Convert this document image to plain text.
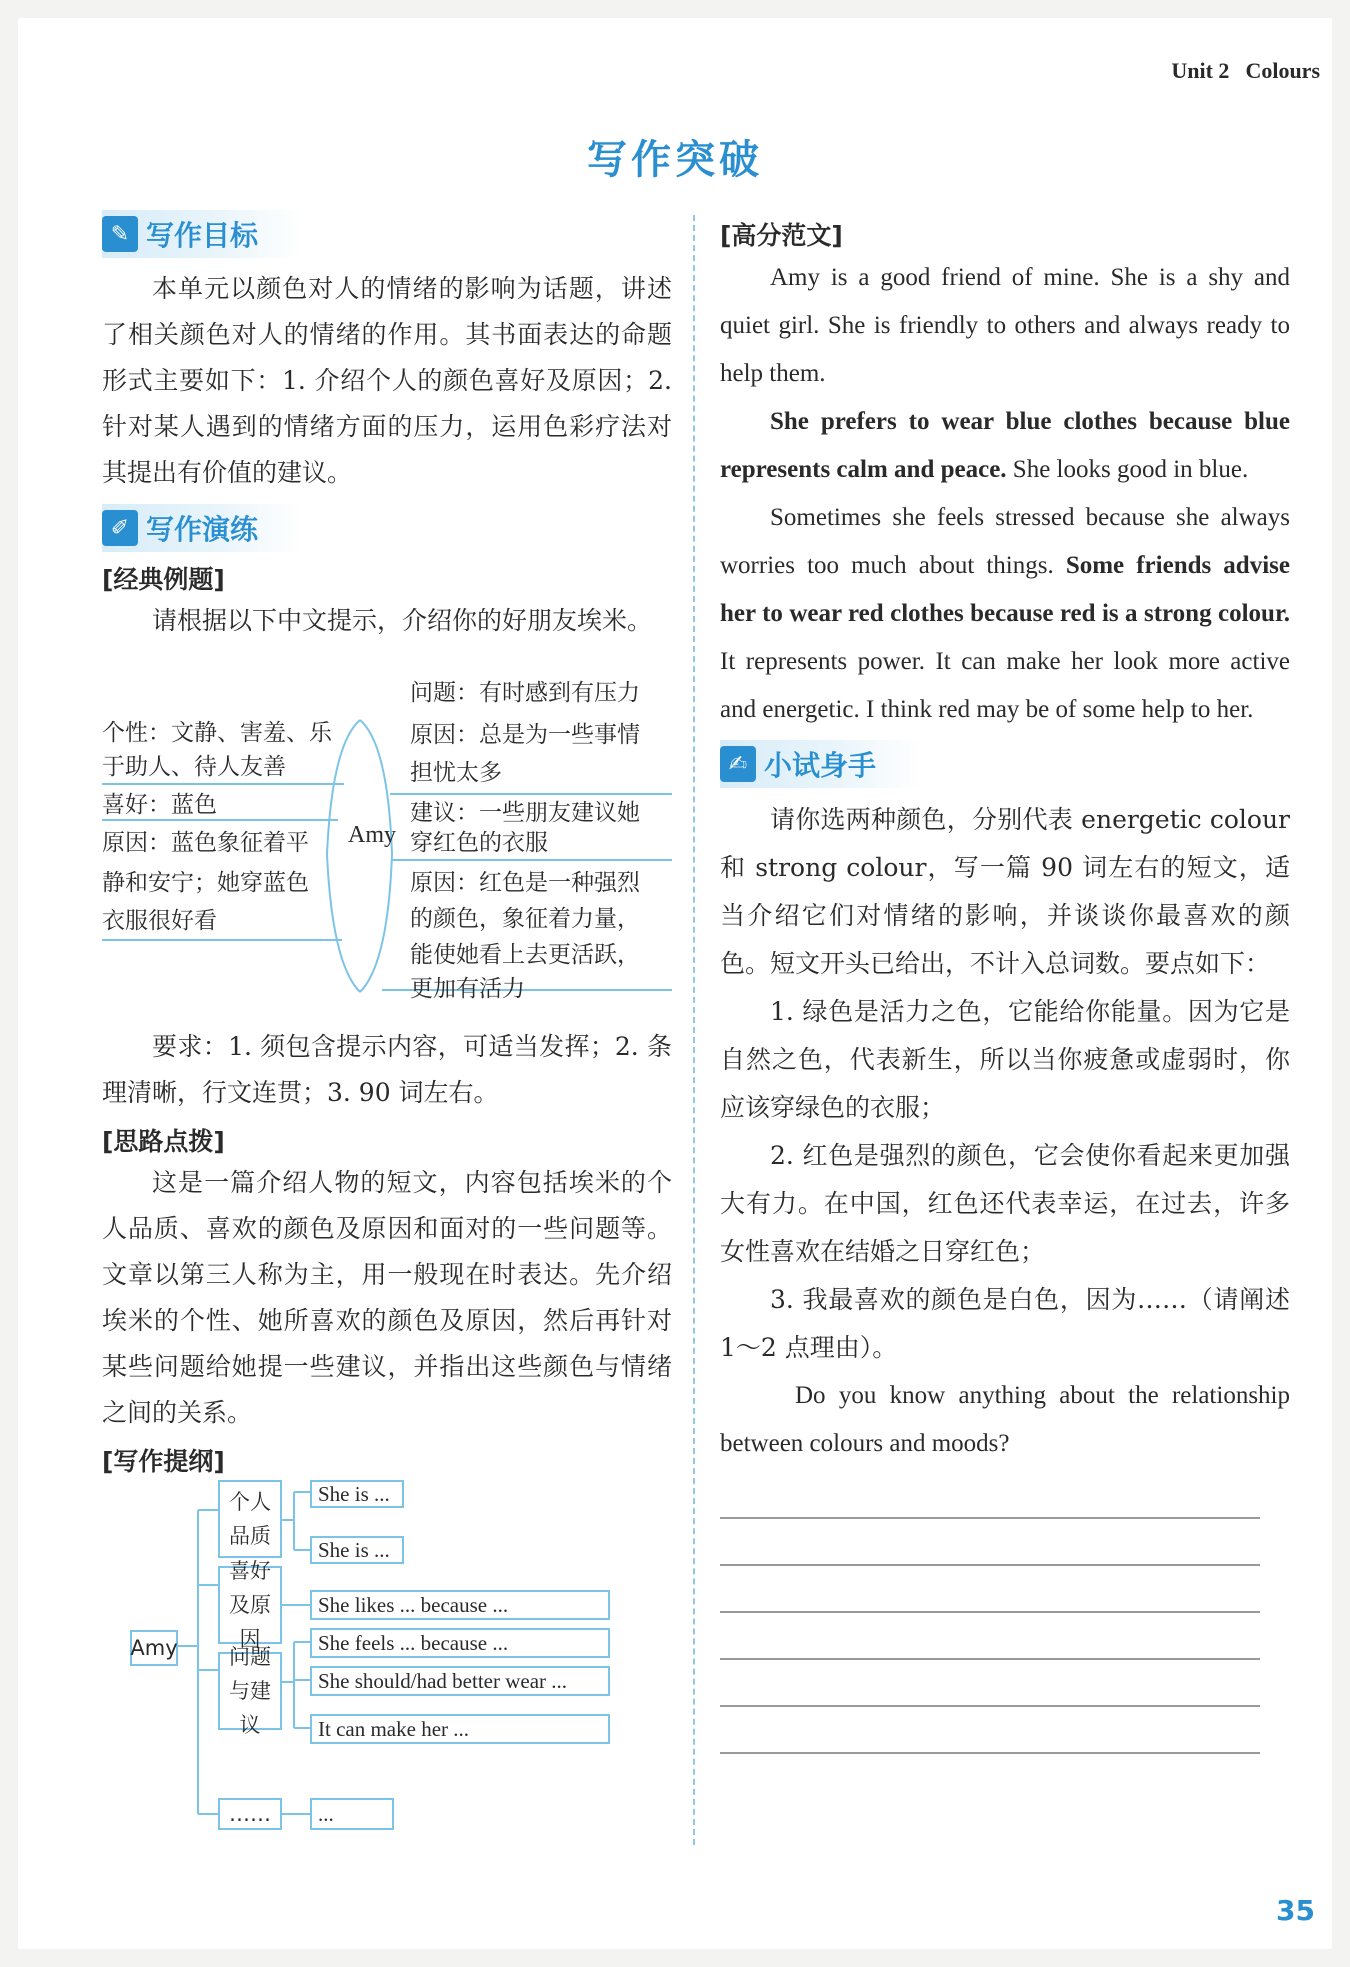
Unit 2 Colours
写作突破
✎ 写作目标

本单元以颜色对人的情绪的影响为话题，讲述了相关颜色对人的情绪的作用。其书面表达的命题形式主要如下：1. 介绍个人的颜色喜好及原因；2. 针对某人遇到的情绪方面的压力，运用色彩疗法对其提出有价值的建议。

✐ 写作演练
[经典例题]

请根据以下中文提示，介绍你的好朋友埃米。

个性：文静、害羞、乐
于助人、待人友善
喜好：蓝色
原因：蓝色象征着平
静和安宁；她穿蓝色
衣服很好看
Amy
问题：有时感到有压力
原因：总是为一些事情
担忧太多
建议：一些朋友建议她
穿红色的衣服
原因：红色是一种强烈
的颜色，象征着力量，
能使她看上去更活跃，
更加有活力

要求：1. 须包含提示内容，可适当发挥；2. 条理清晰，行文连贯；3. 90 词左右。

[思路点拨]

这是一篇介绍人物的短文，内容包括埃米的个人品质、喜欢的颜色及原因和面对的一些问题等。文章以第三人称为主，用一般现在时表达。先介绍埃米的个性、她所喜欢的颜色及原因，然后再针对某些问题给她提一些建议，并指出这些颜色与情绪之间的关系。

[写作提纲]
Amy
个人
品质
喜好
及原因
问题
与建议
……
She is ...
She is ...
She likes ... because ...
She feels ... because ...
She should/had better wear ...
It can make her ...
...
[高分范文]

Amy is a good friend of mine. She is a shy and quiet girl. She is friendly to others and always ready to help them.

She prefers to wear blue clothes because blue represents calm and peace. She looks good in blue.

Sometimes she feels stressed because she always worries too much about things. Some friends advise her to wear red clothes because red is a strong colour. It represents power. It can make her look more active and energetic. I think red may be of some help to her.

✍ 小试身手

请你选两种颜色，分别代表 energetic colour 和 strong colour，写一篇 90 词左右的短文，适当介绍它们对情绪的影响，并谈谈你最喜欢的颜色。短文开头已给出，不计入总词数。要点如下：

1. 绿色是活力之色，它能给你能量。因为它是自然之色，代表新生，所以当你疲惫或虚弱时，你应该穿绿色的衣服；

2. 红色是强烈的颜色，它会使你看起来更加强大有力。在中国，红色还代表幸运，在过去，许多女性喜欢在结婚之日穿红色；

3. 我最喜欢的颜色是白色，因为……（请阐述 1～2 点理由）。

Do you know anything about the relationship between colours and moods?

35
